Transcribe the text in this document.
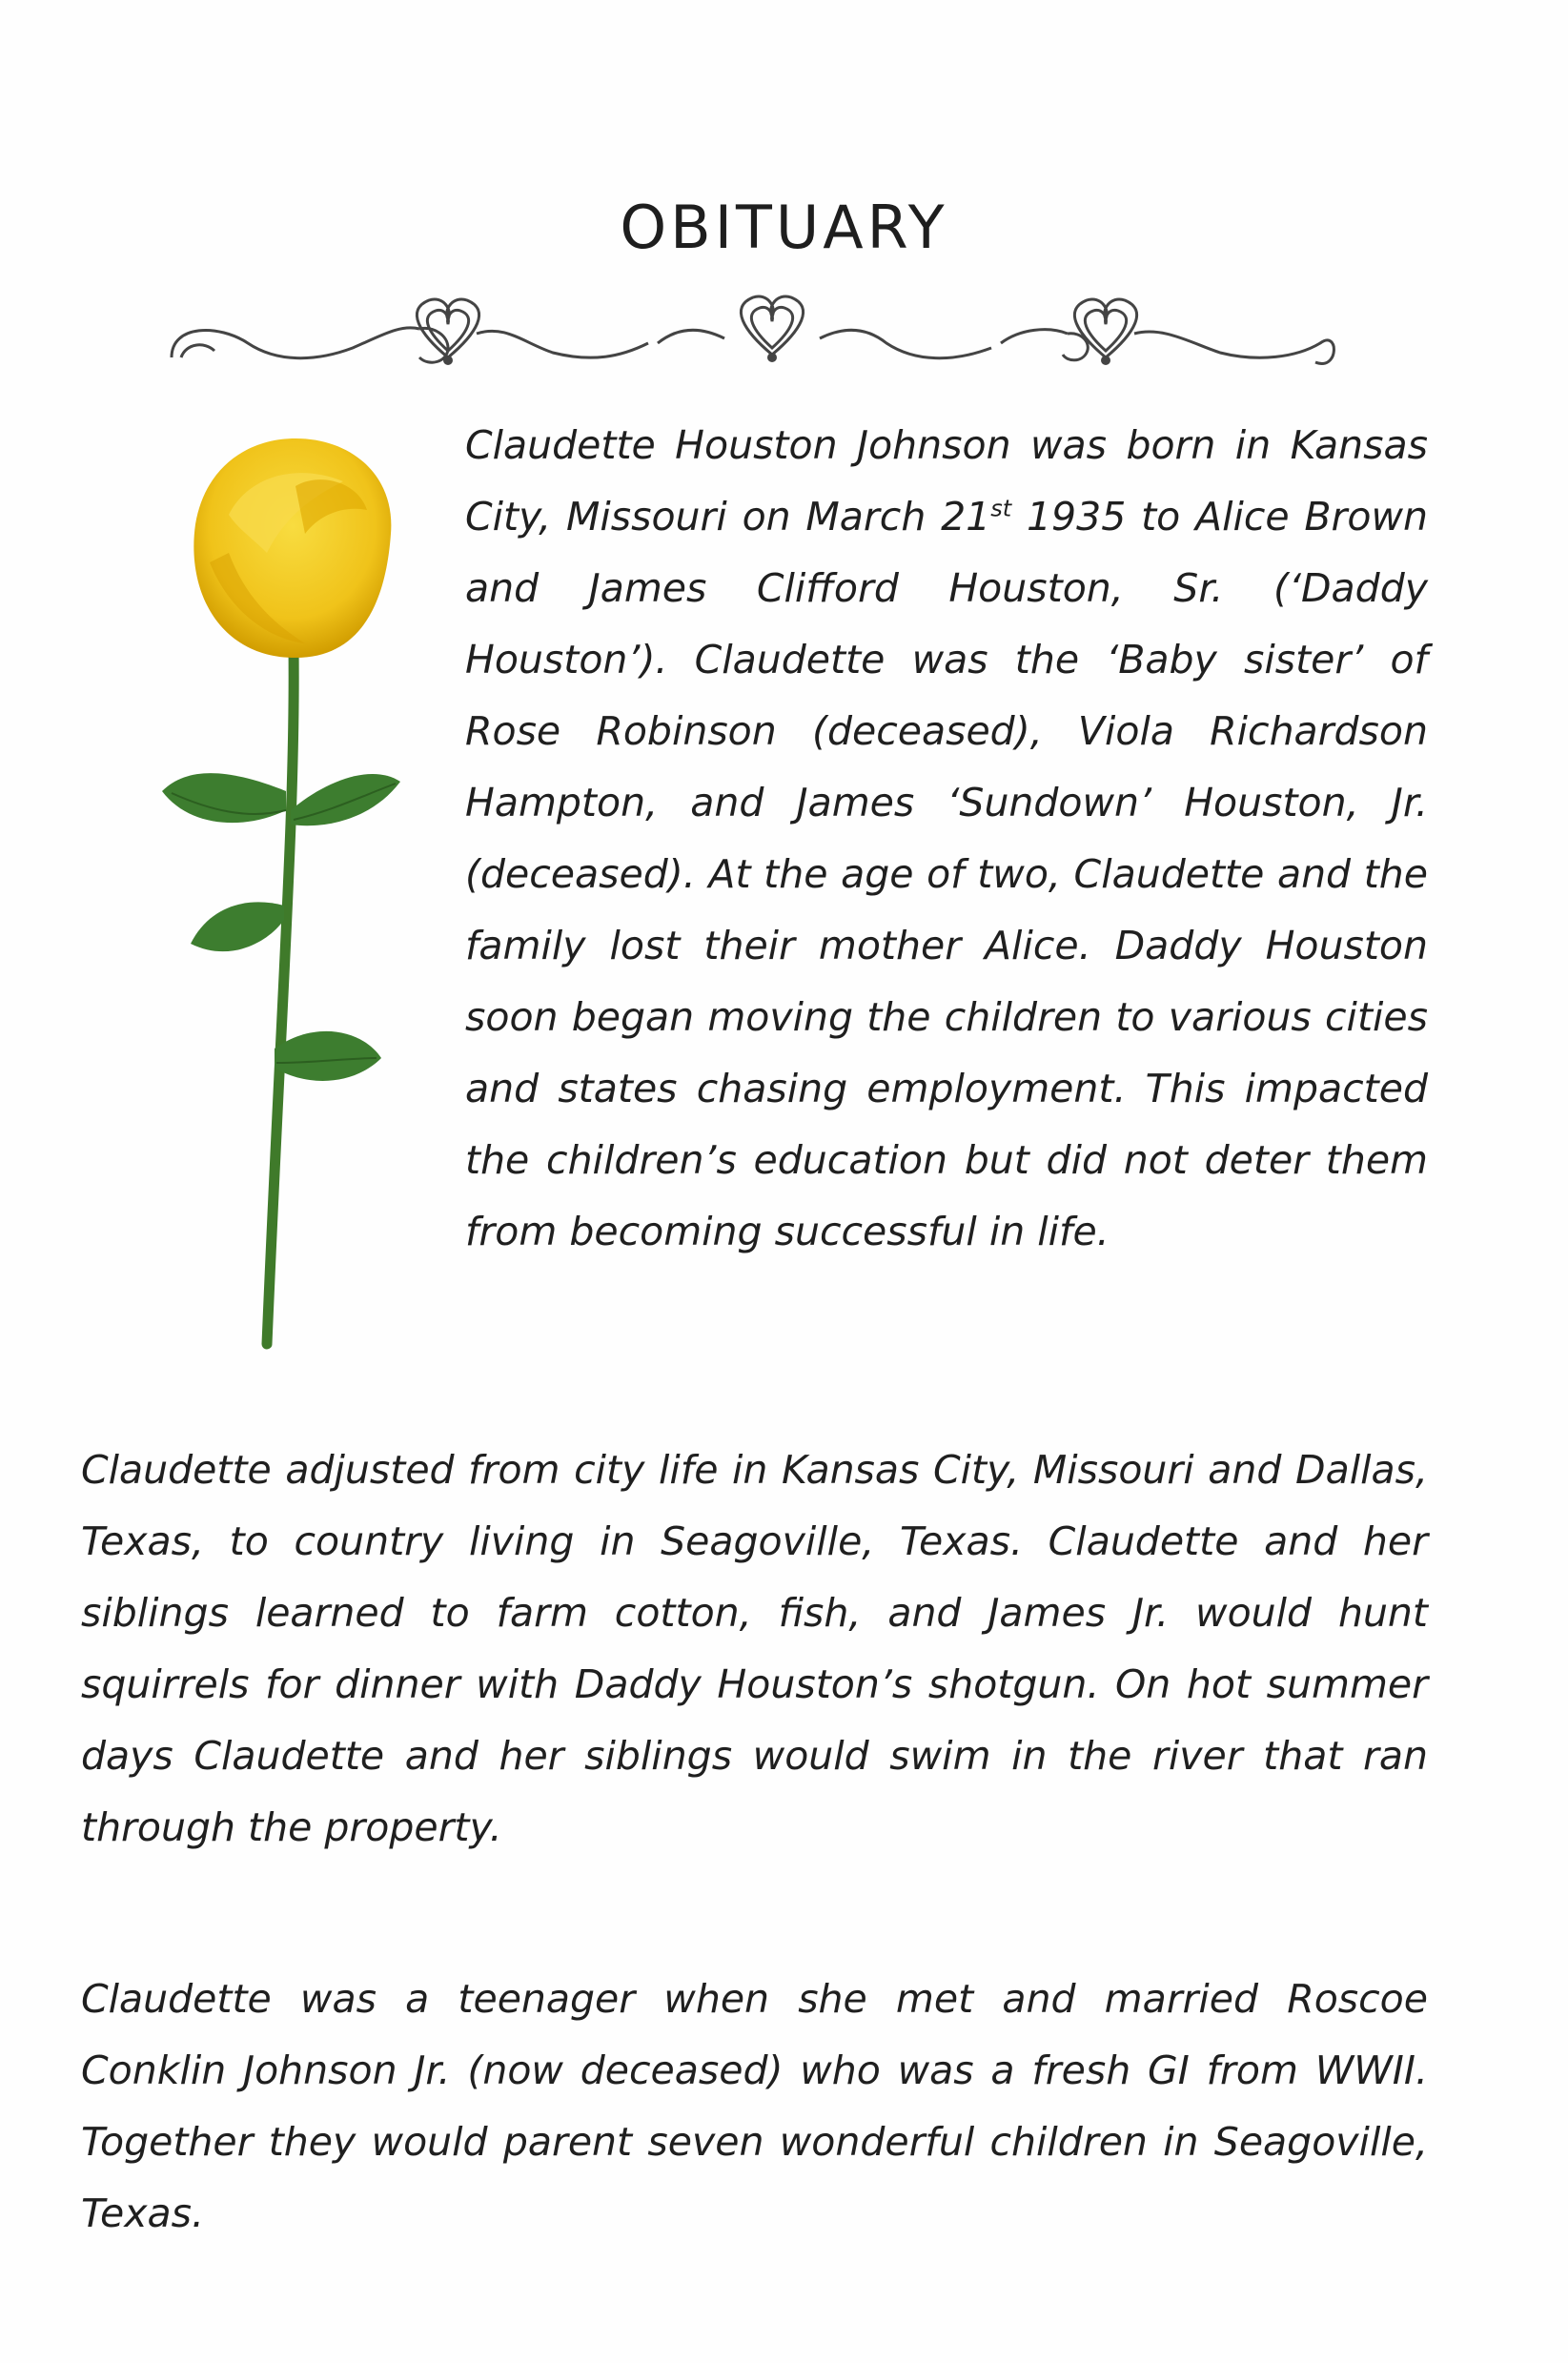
OBITUARY

Claudette Houston Johnson was born in Kansas City, Missouri on March 21st 1935 to Alice Brown and James Clifford Houston, Sr. (‘Daddy Houston’). Claudette was the ‘Baby sister’ of Rose Robinson (deceased), Viola Richardson Hampton, and James ‘Sundown’ Houston, Jr. (deceased). At the age of two, Claudette and the family lost their mother Alice. Daddy Houston soon began moving the children to various cities and states chasing employment. This impacted the children’s education but did not deter them from becoming successful in life.

Claudette adjusted from city life in Kansas City, Missouri and Dallas, Texas, to country living in Seagoville, Texas. Claudette and her siblings learned to farm cotton, fish, and James Jr. would hunt squirrels for dinner with Daddy Houston’s shotgun. On hot summer days Claudette and her siblings would swim in the river that ran through the property.

Claudette was a teenager when she met and married Roscoe Conklin Johnson Jr. (now deceased) who was a fresh GI from WWII. Together they would parent seven wonderful children in Seagoville, Texas.
